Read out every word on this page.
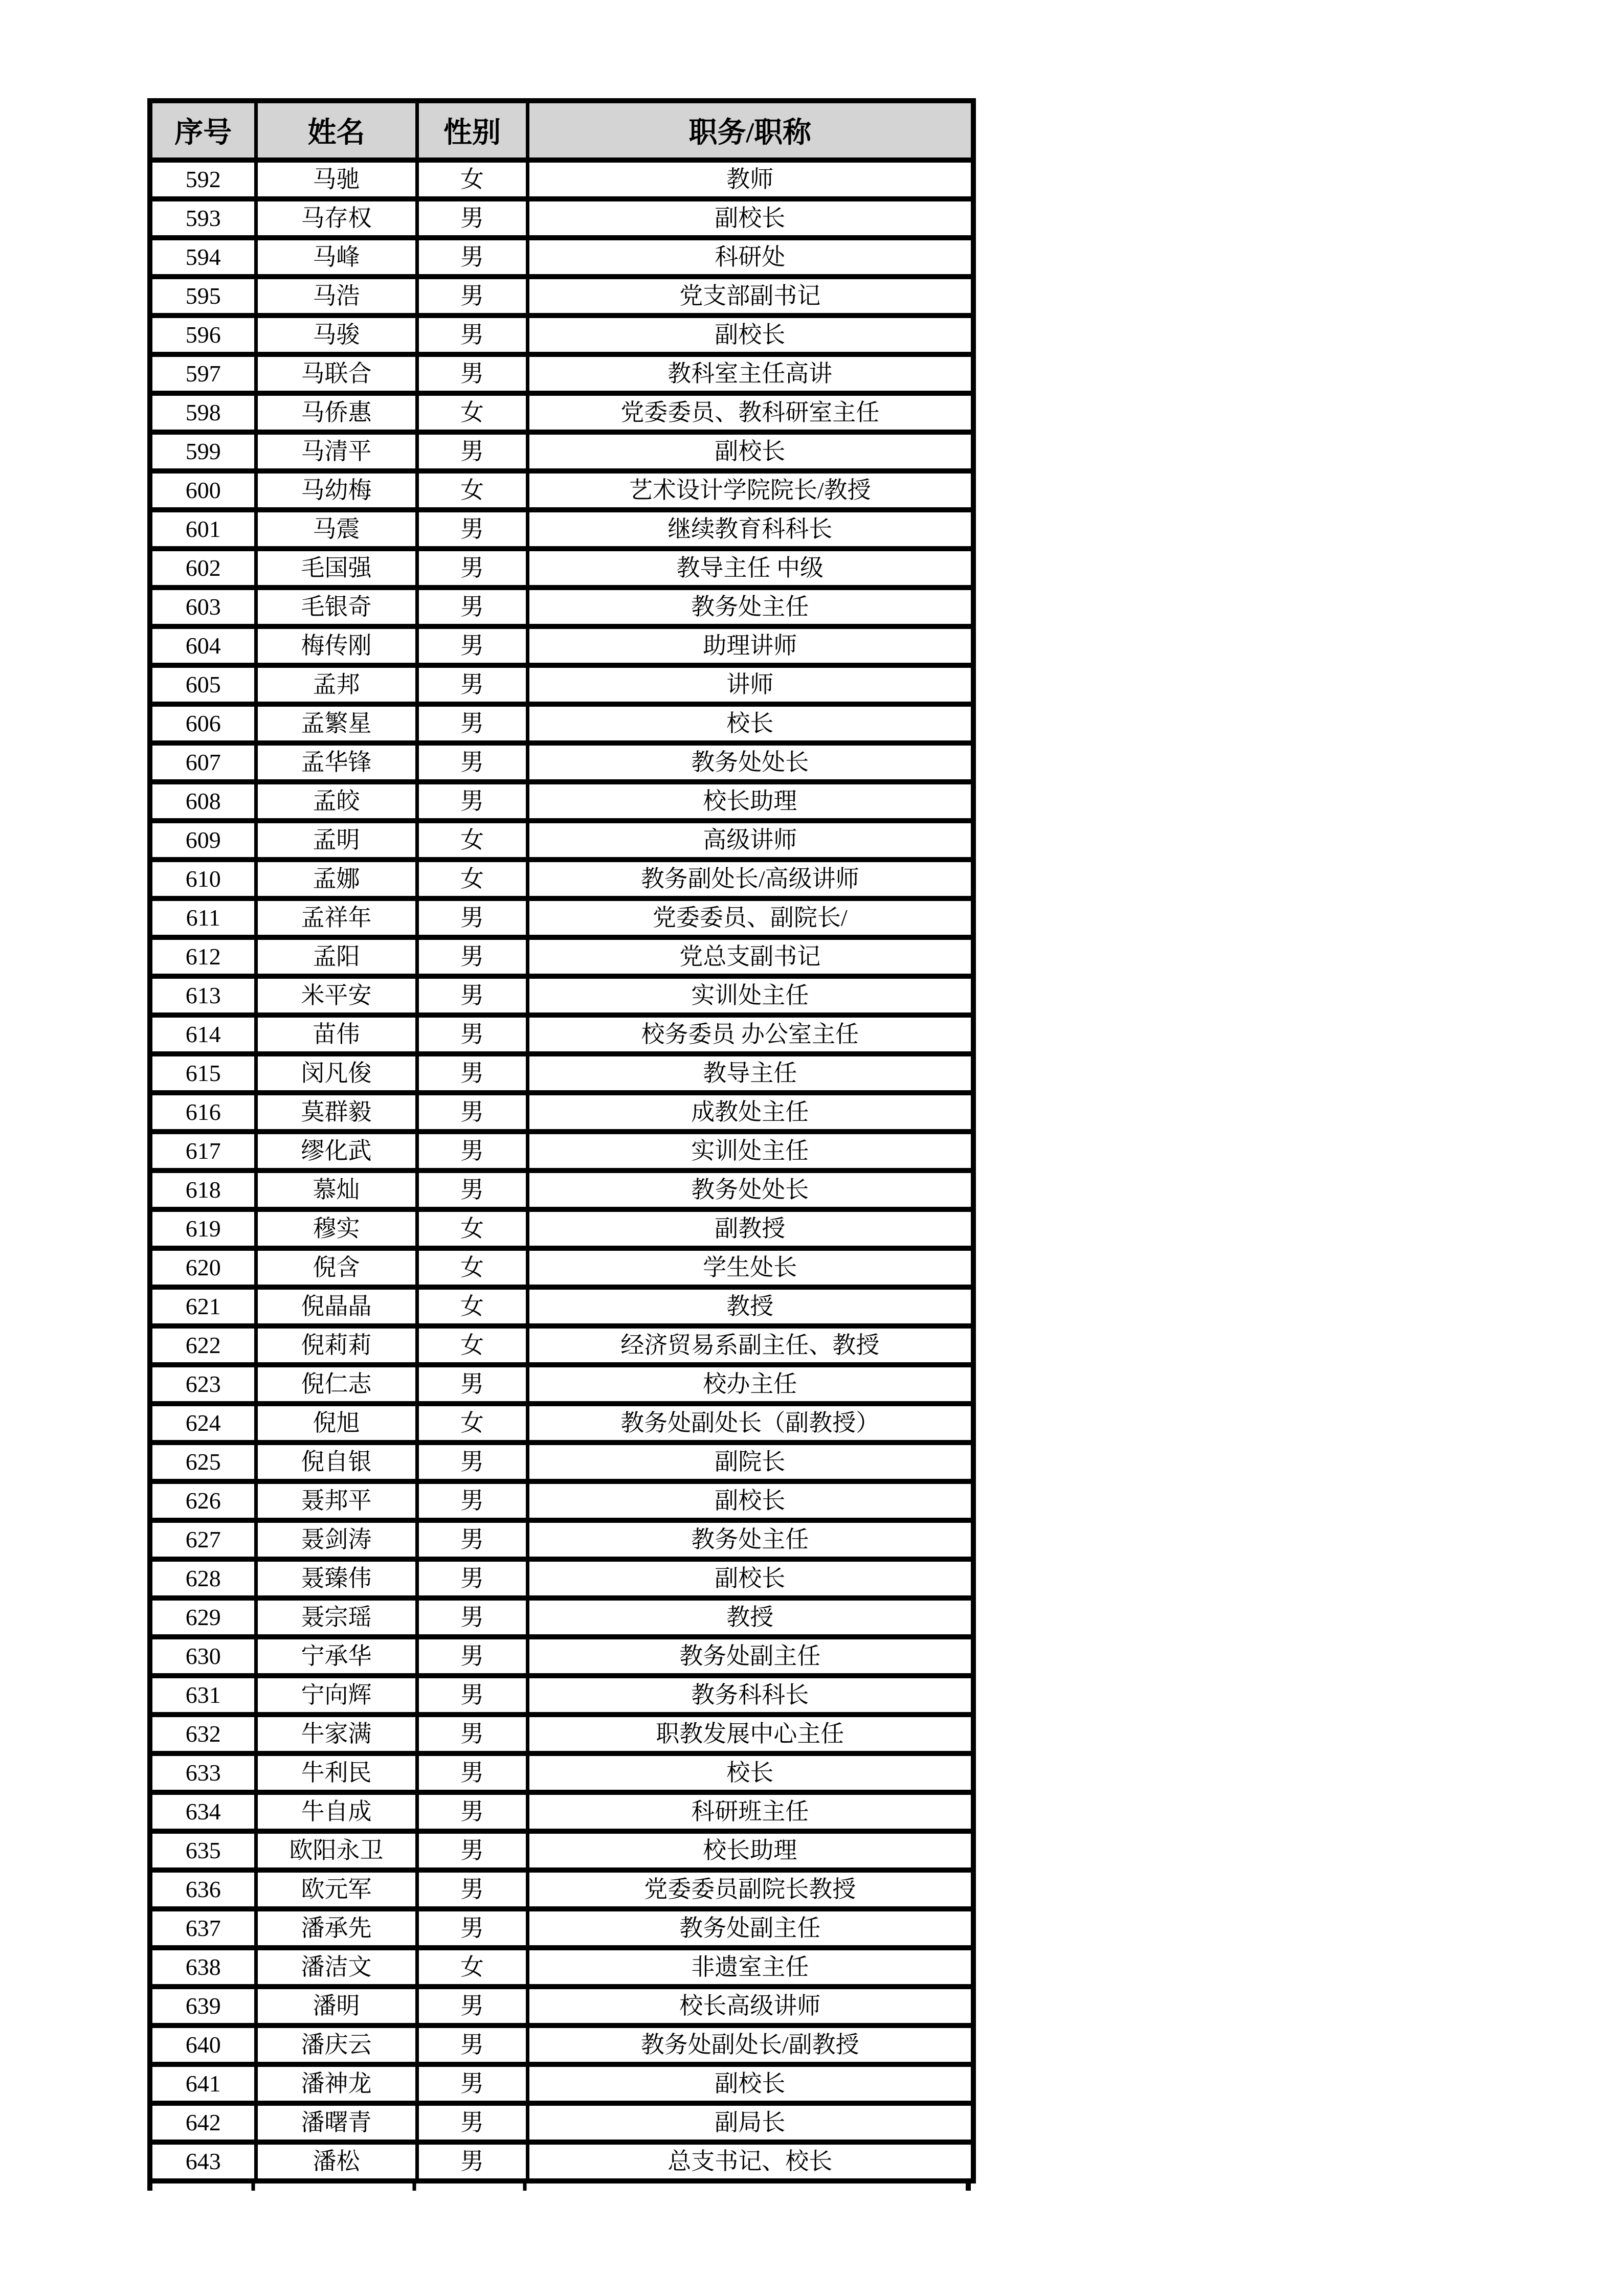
序号	姓名	性别	职务/职称
592	马驰	女	教师
593	马存权	男	副校长
594	马峰	男	科研处
595	马浩	男	党支部副书记
596	马骏	男	副校长
597	马联合	男	教科室主任高讲
598	马侨惠	女	党委委员、教科研室主任
599	马清平	男	副校长
600	马幼梅	女	艺术设计学院院长/教授
601	马震	男	继续教育科科长
602	毛国强	男	教导主任 中级
603	毛银奇	男	教务处主任
604	梅传刚	男	助理讲师
605	孟邦	男	讲师
606	孟繁星	男	校长
607	孟华锋	男	教务处处长
608	孟皎	男	校长助理
609	孟明	女	高级讲师
610	孟娜	女	教务副处长/高级讲师
611	孟祥年	男	党委委员、副院长/
612	孟阳	男	党总支副书记
613	米平安	男	实训处主任
614	苗伟	男	校务委员 办公室主任
615	闵凡俊	男	教导主任
616	莫群毅	男	成教处主任
617	缪化武	男	实训处主任
618	慕灿	男	教务处处长
619	穆实	女	副教授
620	倪含	女	学生处长
621	倪晶晶	女	教授
622	倪莉莉	女	经济贸易系副主任、教授
623	倪仁志	男	校办主任
624	倪旭	女	教务处副处长（副教授）
625	倪自银	男	副院长
626	聂邦平	男	副校长
627	聂剑涛	男	教务处主任
628	聂臻伟	男	副校长
629	聂宗瑶	男	教授
630	宁承华	男	教务处副主任
631	宁向辉	男	教务科科长
632	牛家满	男	职教发展中心主任
633	牛利民	男	校长
634	牛自成	男	科研班主任
635	欧阳永卫	男	校长助理
636	欧元军	男	党委委员副院长教授
637	潘承先	男	教务处副主任
638	潘洁文	女	非遗室主任
639	潘明	男	校长高级讲师
640	潘庆云	男	教务处副处长/副教授
641	潘神龙	男	副校长
642	潘曙青	男	副局长
643	潘松	男	总支书记、校长
